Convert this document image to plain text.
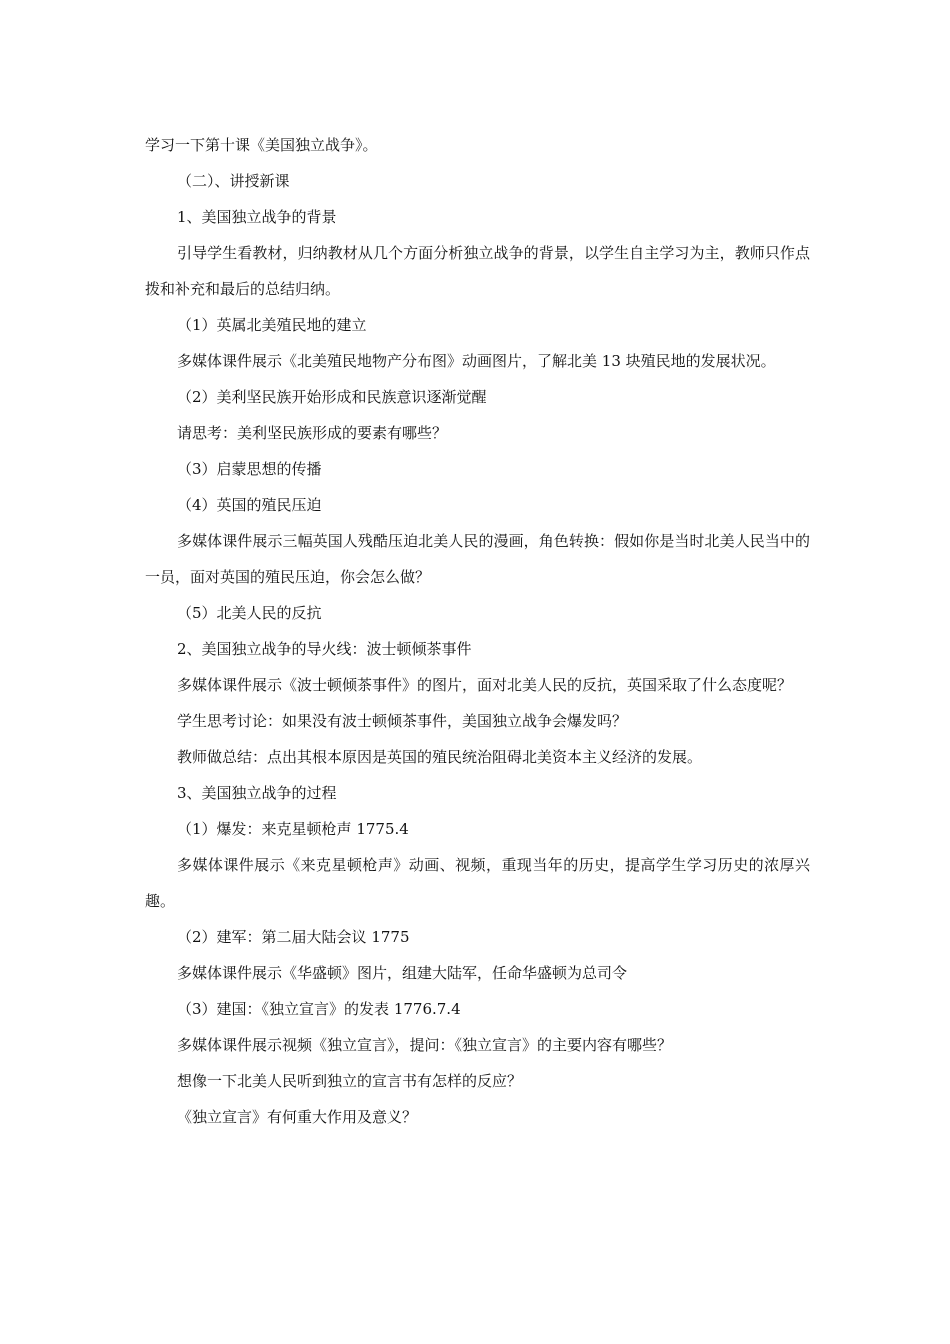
学习一下第十课《美国独立战争》。

（二）、讲授新课

1、美国独立战争的背景

引导学生看教材，归纳教材从几个方面分析独立战争的背景，以学生自主学习为主，教师只作点拨和补充和最后的总结归纳。

（1）英属北美殖民地的建立

多媒体课件展示《北美殖民地物产分布图》动画图片，了解北美 13 块殖民地的发展状况。

（2）美利坚民族开始形成和民族意识逐渐觉醒

请思考：美利坚民族形成的要素有哪些？

（3）启蒙思想的传播

（4）英国的殖民压迫

多媒体课件展示三幅英国人残酷压迫北美人民的漫画，角色转换：假如你是当时北美人民当中的一员，面对英国的殖民压迫，你会怎么做？

（5）北美人民的反抗

2、美国独立战争的导火线：波士顿倾茶事件

多媒体课件展示《波士顿倾茶事件》的图片，面对北美人民的反抗，英国采取了什么态度呢？

学生思考讨论：如果没有波士顿倾茶事件，美国独立战争会爆发吗？

教师做总结：点出其根本原因是英国的殖民统治阻碍北美资本主义经济的发展。

3、美国独立战争的过程

（1）爆发：来克星顿枪声 1775.4

多媒体课件展示《来克星顿枪声》动画、视频，重现当年的历史，提高学生学习历史的浓厚兴趣。

（2）建军：第二届大陆会议 1775

多媒体课件展示《华盛顿》图片，组建大陆军，任命华盛顿为总司令

（3）建国：《独立宣言》的发表 1776.7.4

多媒体课件展示视频《独立宣言》，提问：《独立宣言》的主要内容有哪些？

想像一下北美人民听到独立的宣言书有怎样的反应？

《独立宣言》有何重大作用及意义？
